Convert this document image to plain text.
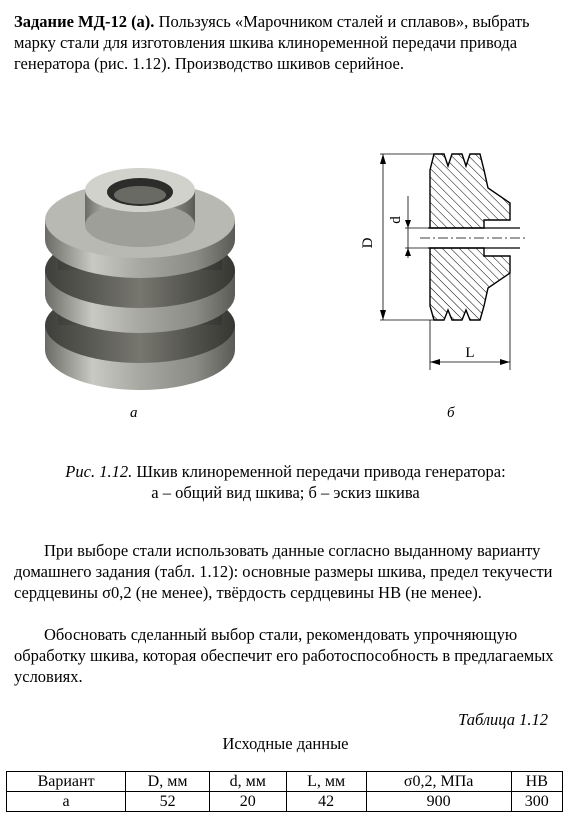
Задание МД-12 (а). Пользуясь «Марочником сталей и сплавов», выбрать марку стали для изготовления шкива клиноременной передачи привода генератора (рис. 1.12). Производство шкивов серийное.
D
d
L
а	б
Рис. 1.12. Шкив клиноременной передачи привода генератора:
а – общий вид шкива; б – эскиз шкива
При выборе стали использовать данные согласно выданному варианту домашнего задания (табл. 1.12): основные размеры шкива, предел текучести сердцевины σ0,2 (не менее), твёрдость сердцевины HB (не менее).
Обосновать сделанный выбор стали, рекомендовать упрочняющую обработку шкива, которая обеспечит его работоспособность в предлагаемых условиях.
Таблица 1.12
Исходные данные
Вариант	D, мм	d, мм	L, мм	σ0,2, МПа	HB
а	52	20	42	900	300
